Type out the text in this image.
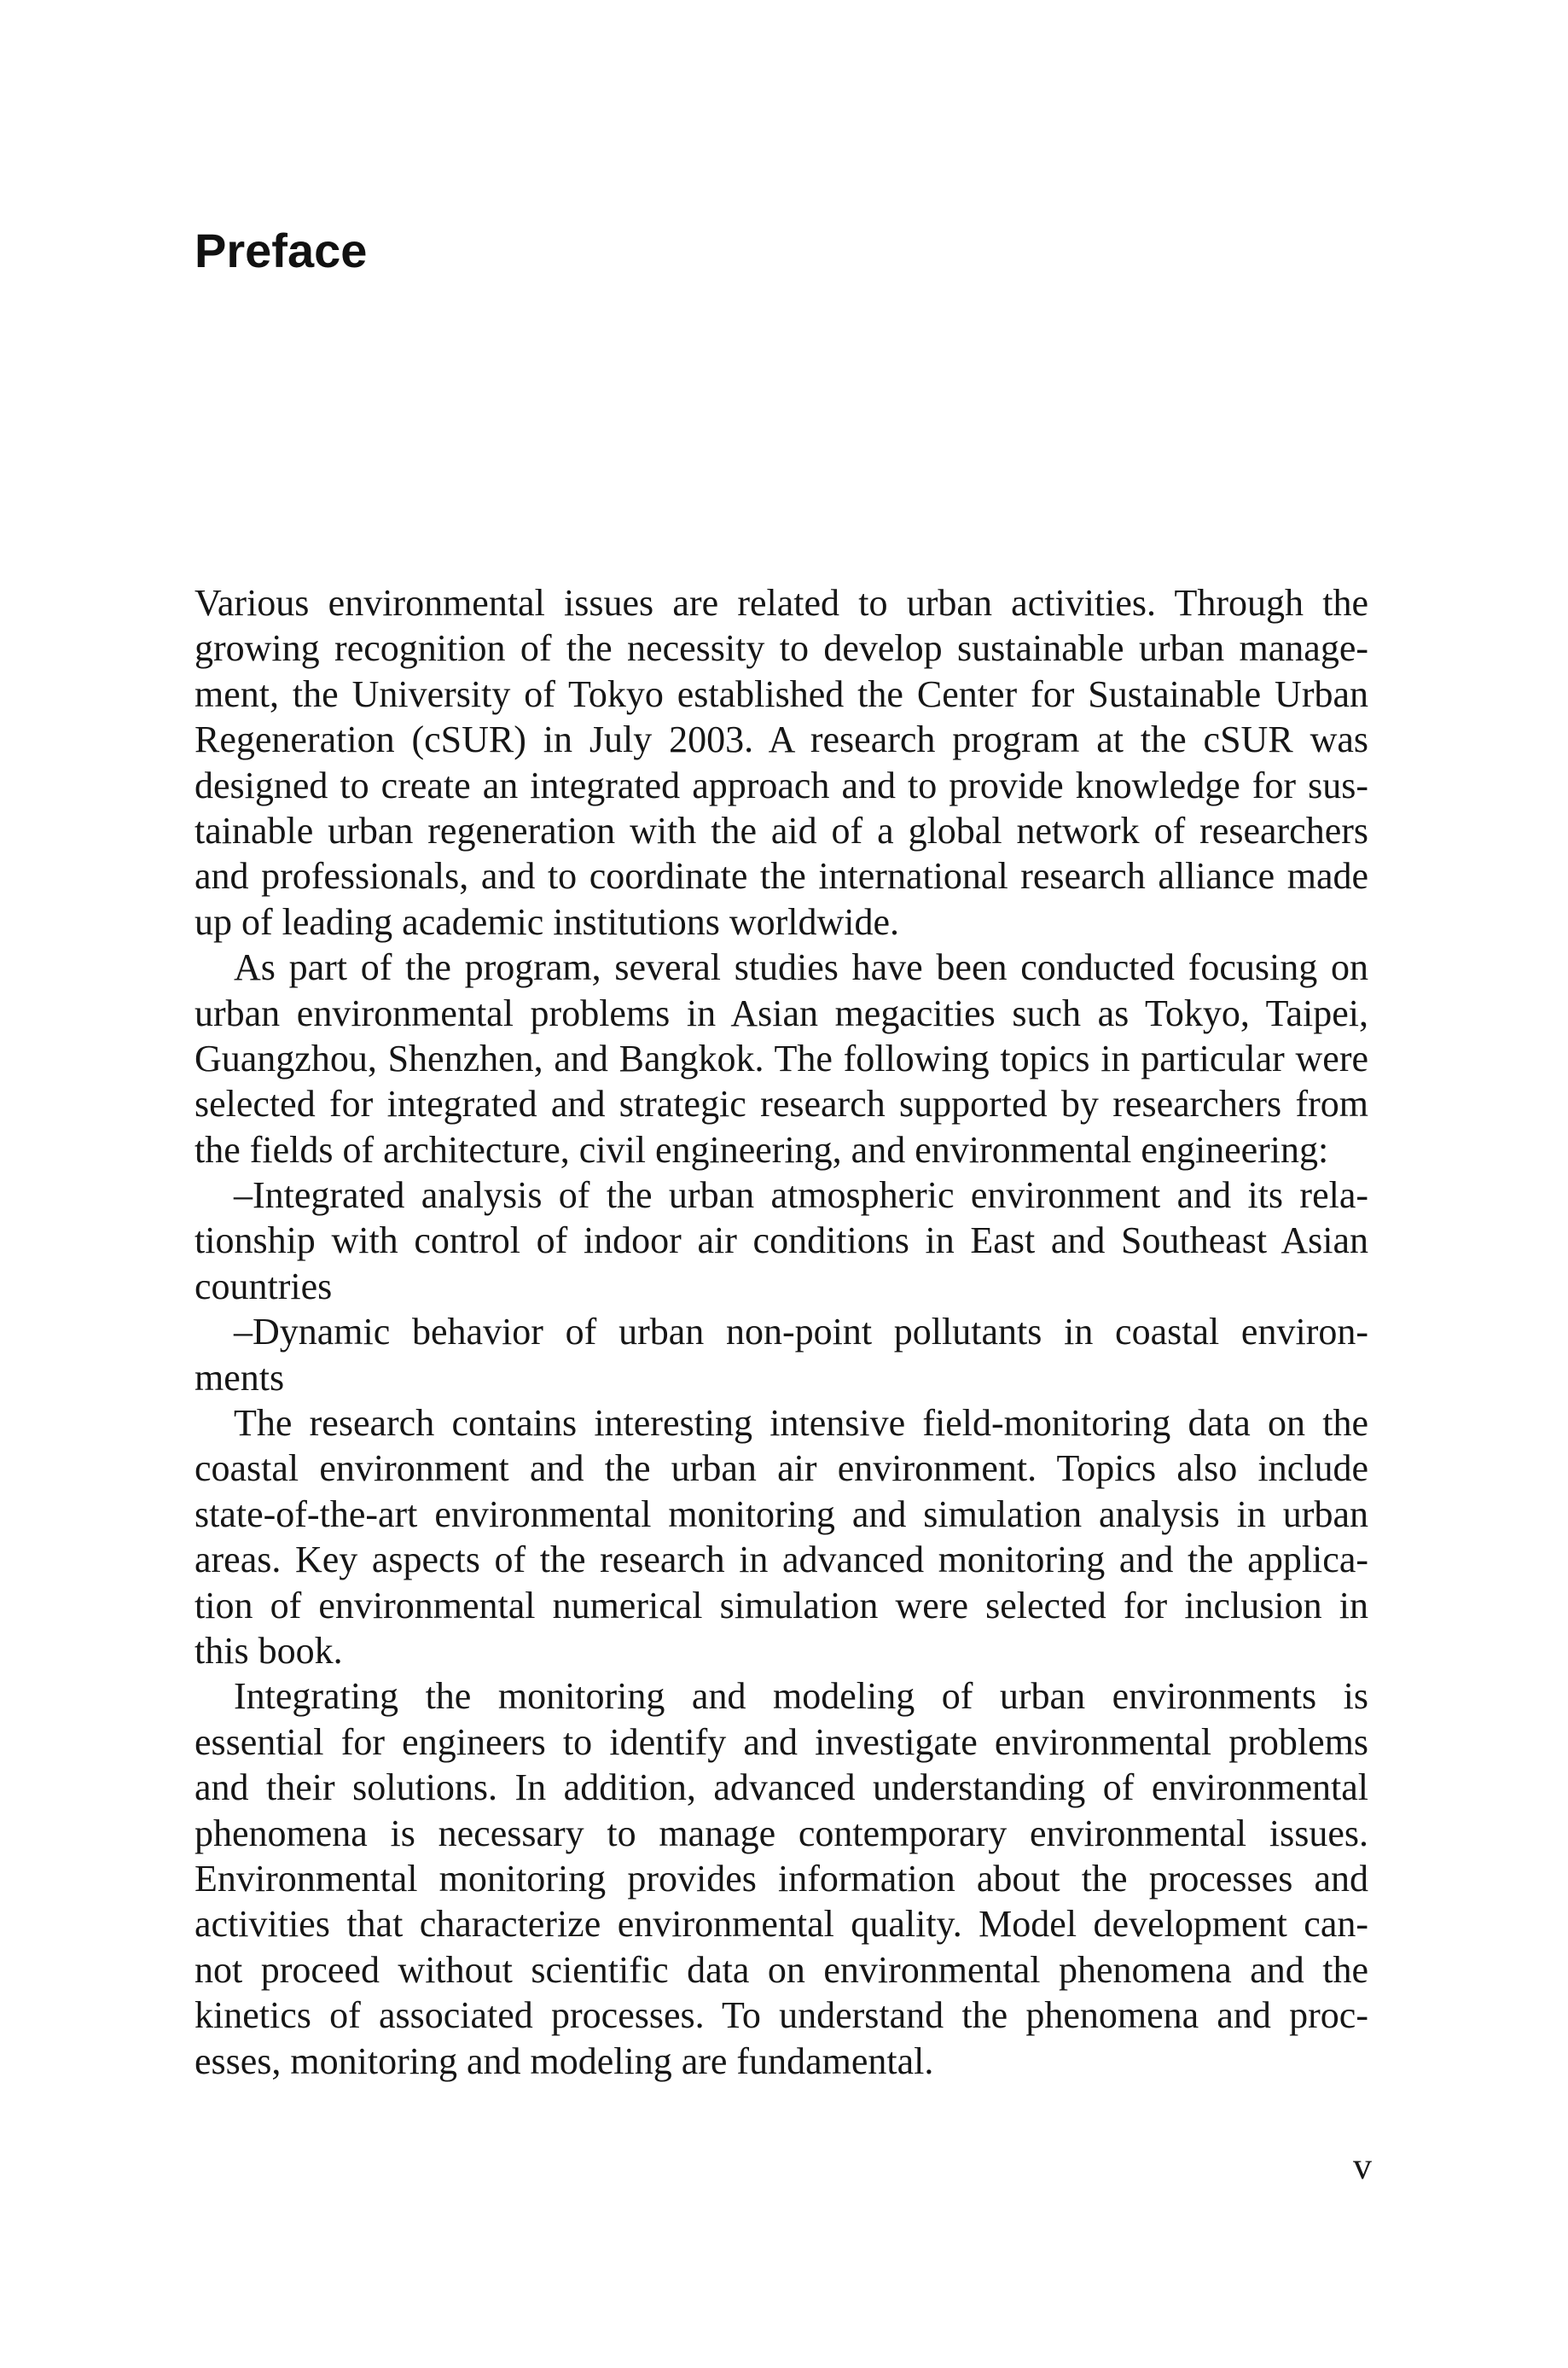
Preface
Various environmental issues are related to urban activities. Through the
growing recognition of the necessity to develop sustainable urban manage-
ment, the University of Tokyo established the Center for Sustainable Urban
Regeneration (cSUR) in July 2003. A research program at the cSUR was
designed to create an integrated approach and to provide knowledge for sus-
tainable urban regeneration with the aid of a global network of researchers
and professionals, and to coordinate the international research alliance made
up of leading academic institutions worldwide.
As part of the program, several studies have been conducted focusing on
urban environmental problems in Asian megacities such as Tokyo, Taipei,
Guangzhou, Shenzhen, and Bangkok. The following topics in particular were
selected for integrated and strategic research supported by researchers from
the fields of architecture, civil engineering, and environmental engineering:
–Integrated analysis of the urban atmospheric environment and its rela-
tionship with control of indoor air conditions in East and Southeast Asian
countries
–Dynamic behavior of urban non-point pollutants in coastal environ-
ments
The research contains interesting intensive field-monitoring data on the
coastal environment and the urban air environment. Topics also include
state-of-the-art environmental monitoring and simulation analysis in urban
areas. Key aspects of the research in advanced monitoring and the applica-
tion of environmental numerical simulation were selected for inclusion in
this book.
Integrating the monitoring and modeling of urban environments is
essential for engineers to identify and investigate environmental problems
and their solutions. In addition, advanced understanding of environmental
phenomena is necessary to manage contemporary environmental issues.
Environmental monitoring provides information about the processes and
activities that characterize environmental quality. Model development can-
not proceed without scientific data on environmental phenomena and the
kinetics of associated processes. To understand the phenomena and proc-
esses, monitoring and modeling are fundamental.
v
